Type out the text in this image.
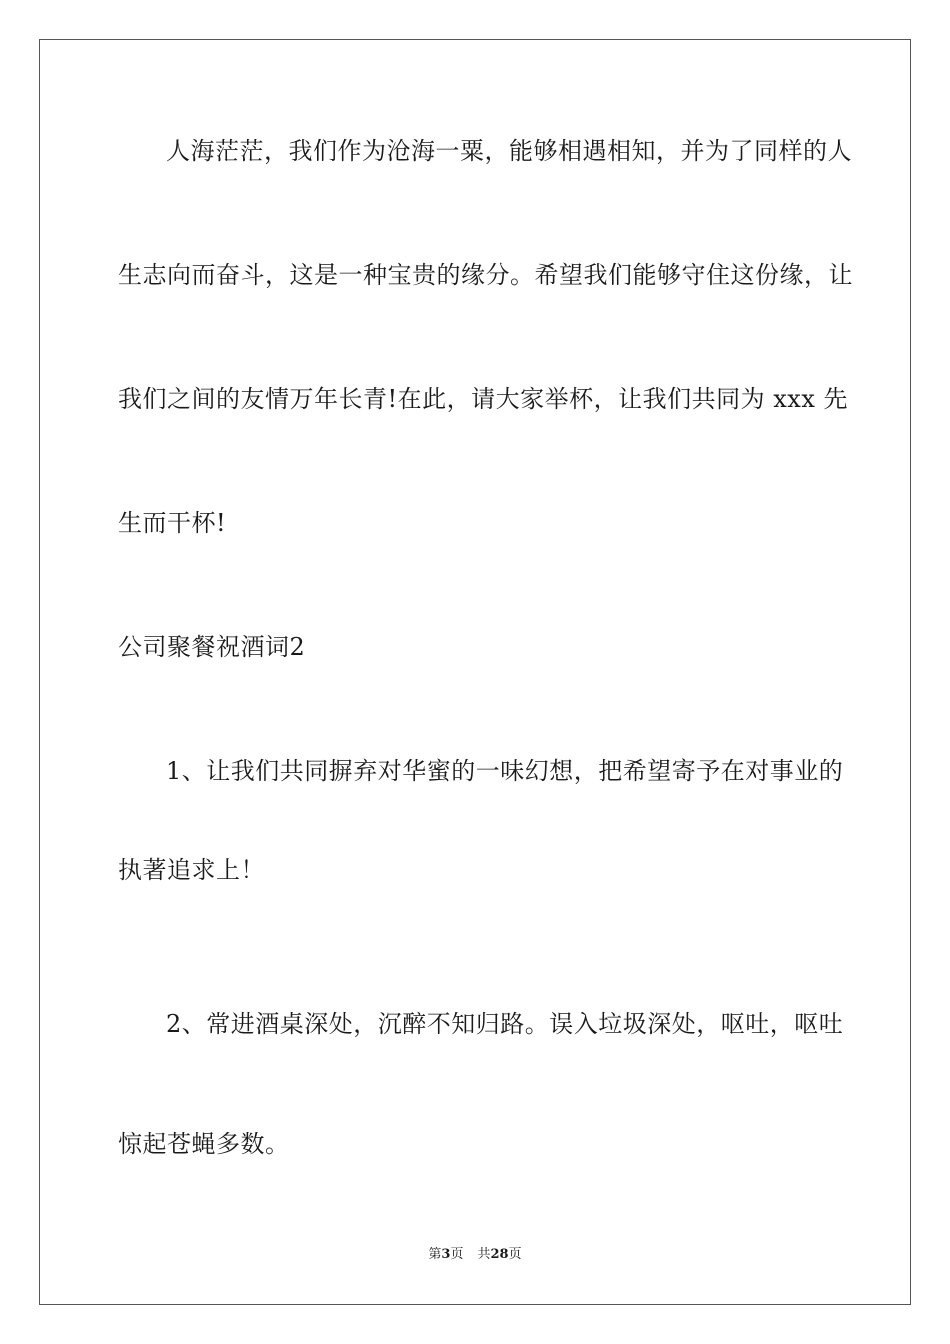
人海茫茫，我们作为沧海一粟，能够相遇相知，并为了同样的人
生志向而奋斗，这是一种宝贵的缘分。希望我们能够守住这份缘，让
我们之间的友情万年长青!在此，请大家举杯，让我们共同为 xxx 先
生而干杯!
公司聚餐祝酒词2
1、让我们共同摒弃对华蜜的一味幻想，把希望寄予在对事业的
执著追求上！
2、常进酒桌深处，沉醉不知归路。误入垃圾深处，呕吐，呕吐
惊起苍蝇多数。
第3页 共28页
